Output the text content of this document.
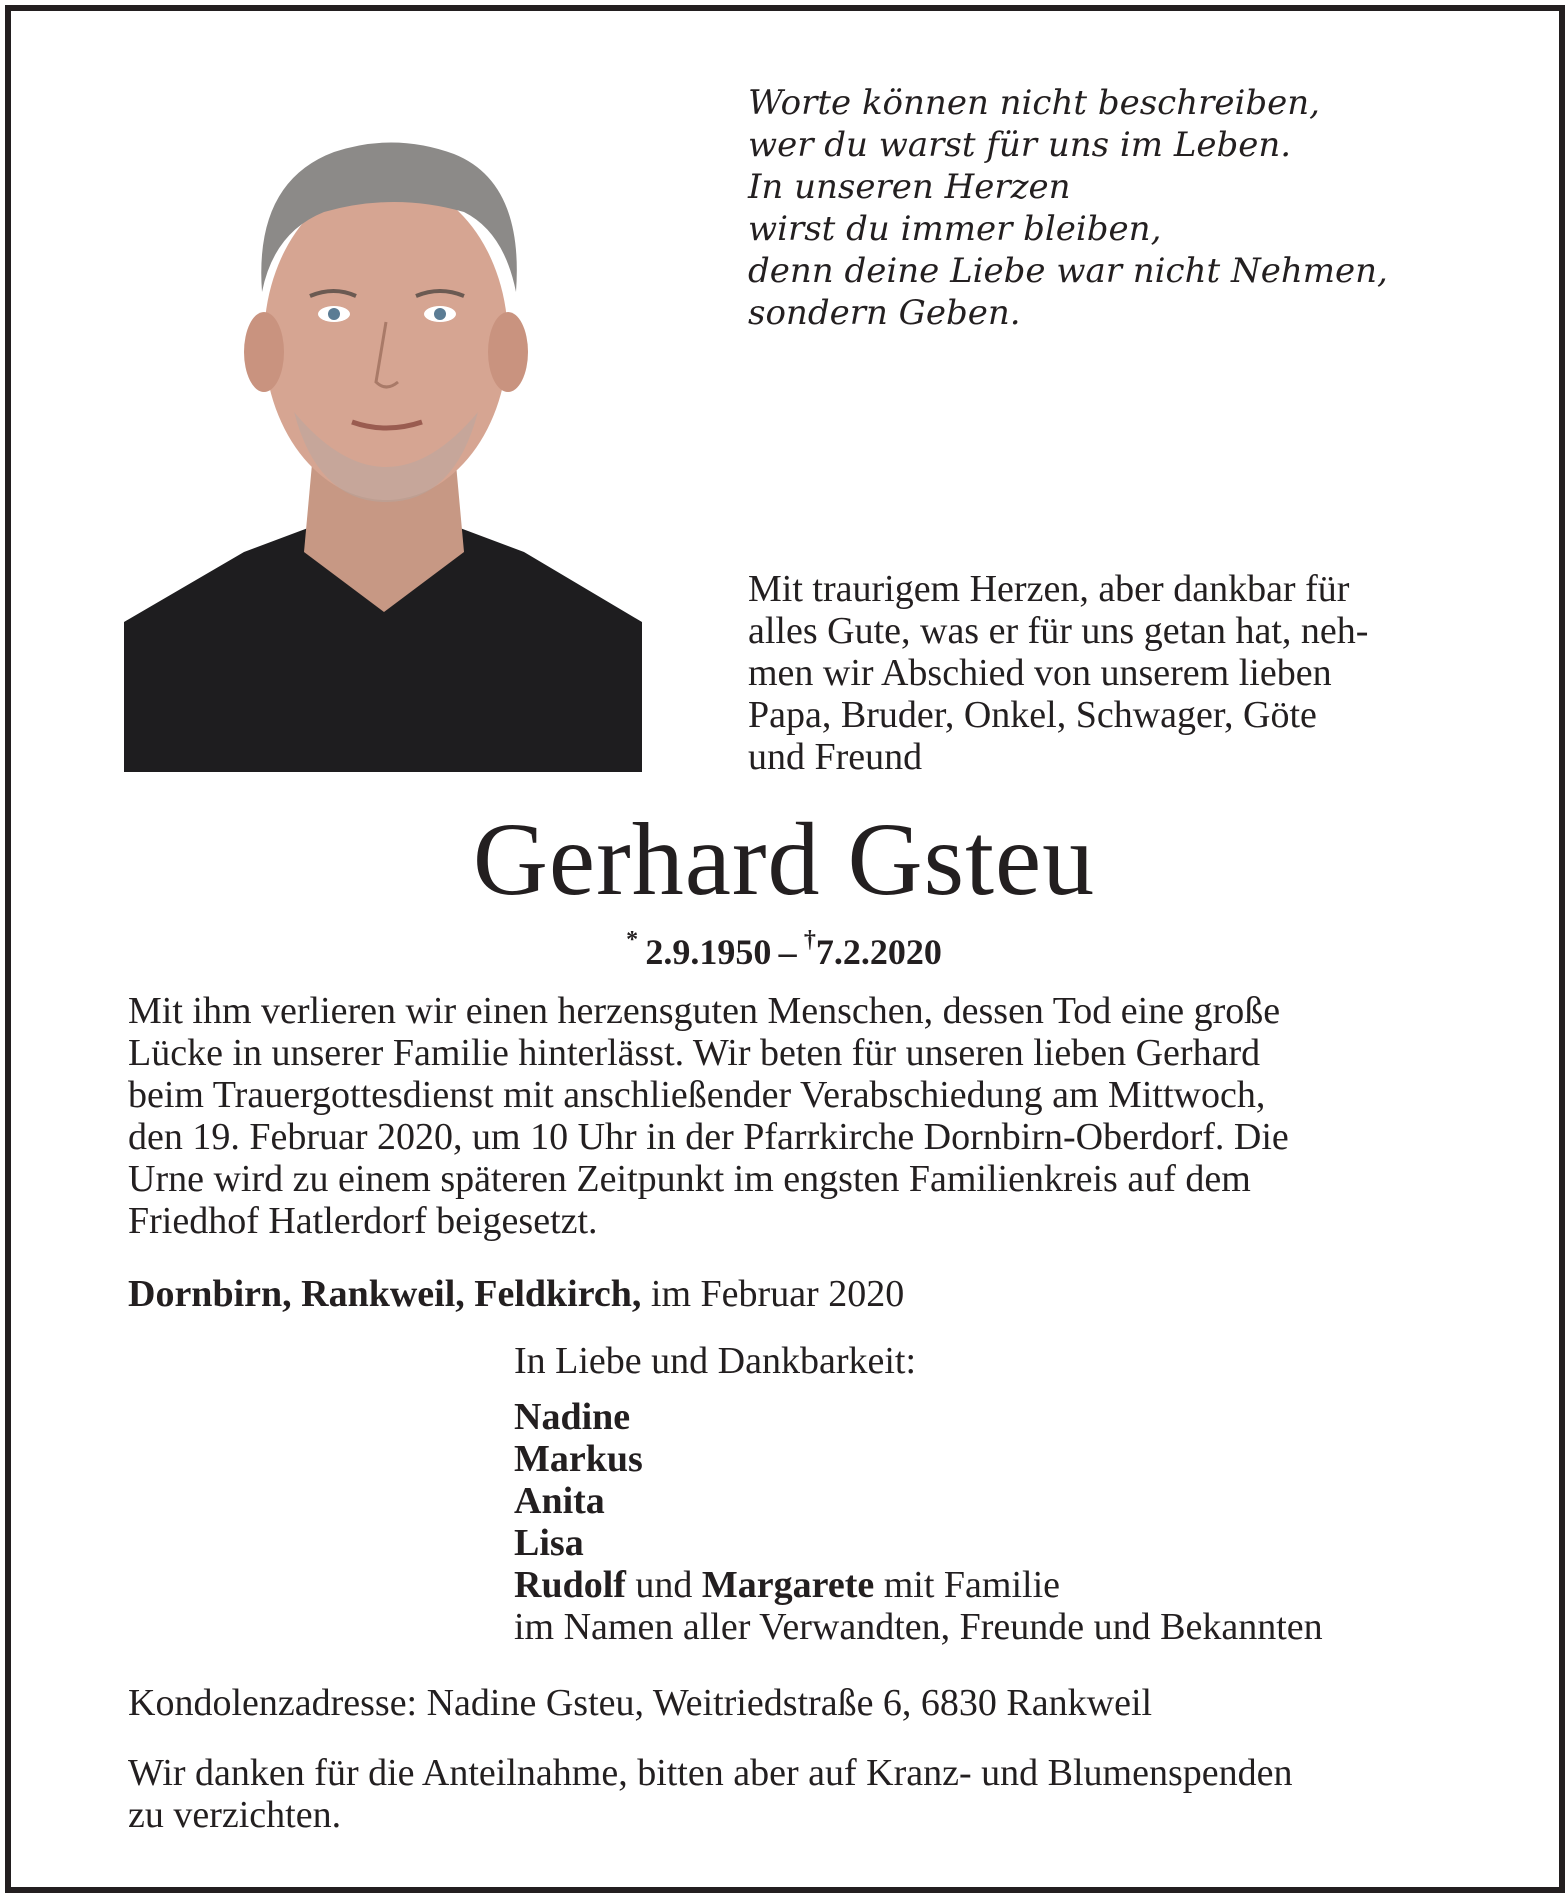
Worte können nicht beschreiben,
wer du warst für uns im Leben.
In unseren Herzen
wirst du immer bleiben,
denn deine Liebe war nicht Nehmen,
sondern Geben.
Mit traurigem Herzen, aber dankbar für
alles Gute, was er für uns getan hat, neh-
men wir Abschied von unserem lieben
Papa, Bruder, Onkel, Schwager, Göte
und Freund
Gerhard Gsteu
*  2.9.1950  –  †7.2.2020
Mit ihm verlieren wir einen herzensguten Menschen, dessen Tod eine große
Lücke in unserer Familie hinterlässt. Wir beten für unseren lieben Gerhard
beim Trauergottesdienst mit anschließender Verabschiedung am Mittwoch,
den 19. Februar 2020, um 10 Uhr in der Pfarrkirche Dornbirn-Oberdorf. Die
Urne wird zu einem späteren Zeitpunkt im engsten Familienkreis auf dem
Friedhof Hatlerdorf beigesetzt.
Dornbirn, Rankweil, Feldkirch, im Februar 2020
In Liebe und Dankbarkeit:
Nadine
Markus
Anita
Lisa
Rudolf und Margarete mit Familie
im Namen aller Verwandten, Freunde und Bekannten
Kondolenzadresse: Nadine Gsteu, Weitriedstraße 6, 6830 Rankweil
Wir danken für die Anteilnahme, bitten aber auf Kranz- und Blumenspenden
zu verzichten.
